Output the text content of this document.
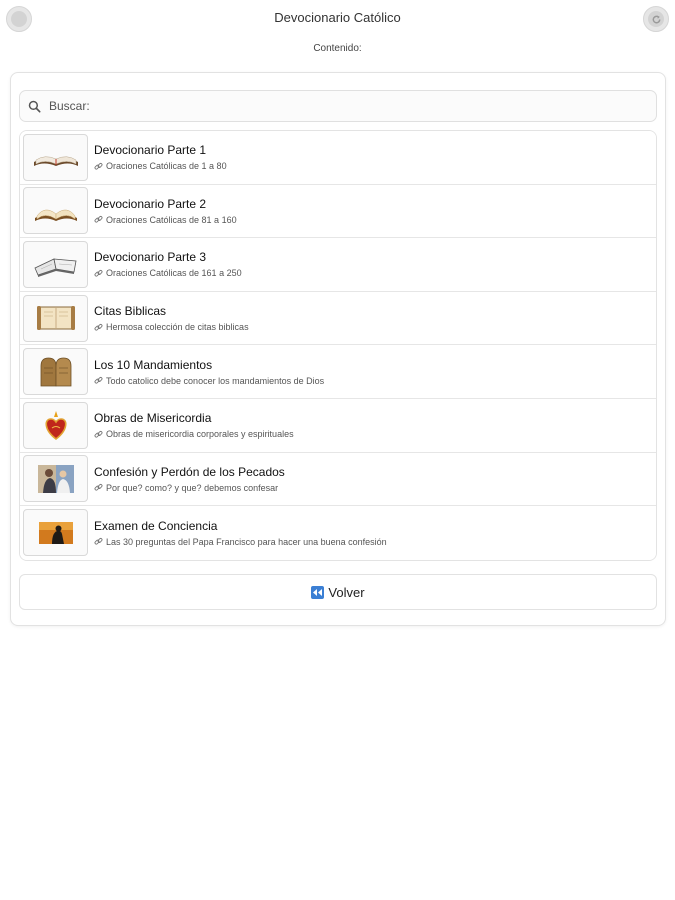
Devocionario Católico
Contenido:
Buscar:
Devocionario Parte 1
Oraciones Católicas de 1 a 80
Devocionario Parte 2
Oraciones Católicas de 81 a 160
Devocionario Parte 3
Oraciones Católicas de 161 a 250
Citas Biblicas
Hermosa colección de citas biblicas
Los 10 Mandamientos
Todo catolico debe conocer los mandamientos de Dios
Obras de Misericordia
Obras de misericordia corporales y espirituales
Confesión y Perdón de los Pecados
Por quе? como? y quе? debemos confesar
Examen de Conciencia
Las 30 preguntas del Papa Francisco para hacer una buena confesión
Volver
